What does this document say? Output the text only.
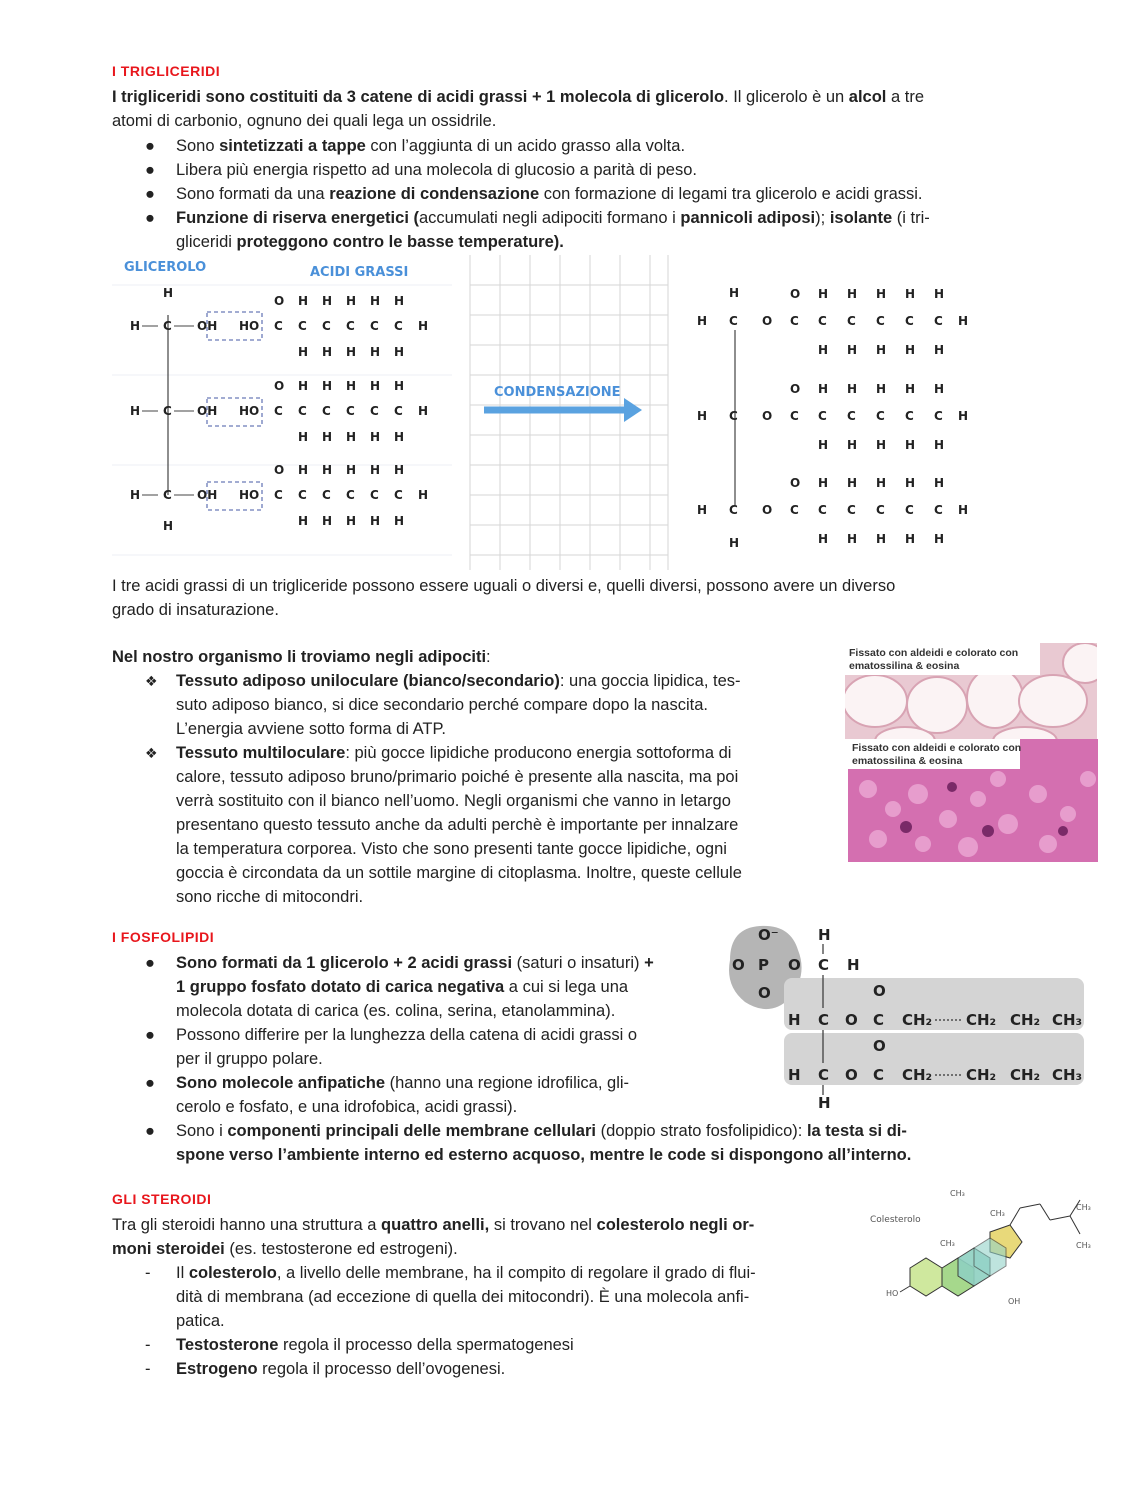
I TRIGLICERIDI
I trigliceridi sono costituiti da 3 catene di acidi grassi + 1 molecola di glicerolo. Il glicerolo è un alcol a tre
atomi di carbonio, ognuno dei quali lega un ossidrile.
●	Sono sintetizzati a tappe con l’aggiunta di un acido grasso alla volta.
●	Libera più energia rispetto ad una molecola di glucosio a parità di peso.
●	Sono formati da una reazione di condensazione con formazione di legami tra glicerolo e acidi grassi.
●	Funzione di riserva energetici (accumulati negli adipociti formano i pannicoli adiposi); isolante (i tri-
gliceridi proteggono contro le basse temperature).
GLICEROLO	ACIDI GRASSI
CONDENSAZIONE
H
H C OH
H C OH
H C OH
H
HO
HO
HO
O
C C C C C C H
H H H H H
H H H H H
O
C C C C C C H
H H H H H
H H H H H
O
C C C C C C H
H H H H H
H H H H H
H
H
H C O
O
C
H H H H H
C C C C C H
H H H H H
H C O
O
C
H H H H H
C C C C C H
H H H H H
H C O
O
C
H H H H H
C C C C C H
H H H H H
I tre acidi grassi di un trigliceride possono essere uguali o diversi e, quelli diversi, possono avere un diverso
grado di insaturazione.
Nel nostro organismo li troviamo negli adipociti:
❖	Tessuto adiposo uniloculare (bianco/secondario): una goccia lipidica, tes-
suto adiposo bianco, si dice secondario perché compare dopo la nascita.
L’energia avviene sotto forma di ATP.
❖	Tessuto multiloculare: più gocce lipidiche producono energia sottoforma di
calore, tessuto adiposo bruno/primario poiché è presente alla nascita, ma poi
verrà sostituito con il bianco nell’uomo. Negli organismi che vanno in letargo
presentano questo tessuto anche da adulti perchè è importante per innalzare
la temperatura corporea. Visto che sono presenti tante gocce lipidiche, ogni
goccia è circondata da un sottile margine di citoplasma. Inoltre, queste cellule
sono ricche di mitocondri.
Fissato con aldeidi e colorato con
ematossilina & eosina
Fissato con aldeidi e colorato con
ematossilina & eosina
I FOSFOLIPIDI
●	Sono formati da 1 glicerolo + 2 acidi grassi (saturi o insaturi) +
1 gruppo fosfato dotato di carica negativa a cui si lega una
molecola dotata di carica (es. colina, serina, etanolammina).
●	Possono differire per la lunghezza della catena di acidi grassi o
per il gruppo polare.
●	Sono molecole anfipatiche (hanno una regione idrofilica, gli-
cerolo e fosfato, e una idrofobica, acidi grassi).
●	Sono i componenti principali delle membrane cellulari (doppio strato fosfolipidico): la testa si di-
spone verso l’ambiente interno ed esterno acquoso, mentre le code si dispongono all’interno.
O⁻
O P O
O
C H
H
H C O
O
C CH₂ CH₂ CH₂ CH₃
H C O
O
C CH₂ CH₂ CH₂ CH₃
H
GLI STEROIDI
Tra gli steroidi hanno una struttura a quattro anelli, si trovano nel colesterolo negli or-
moni steroidei (es. testosterone ed estrogeni).
-	Il colesterolo, a livello delle membrane, ha il compito di regolare il grado di flui-
dità di membrana (ad eccezione di quella dei mitocondri). È una molecola anfi-
patica.
-	Testosterone regola il processo della spermatogenesi
-	Estrogeno regola il processo dell’ovogenesi.
Colesterolo
CH₃
CH₃
CH₃
CH₃
CH₃
HO
OH
